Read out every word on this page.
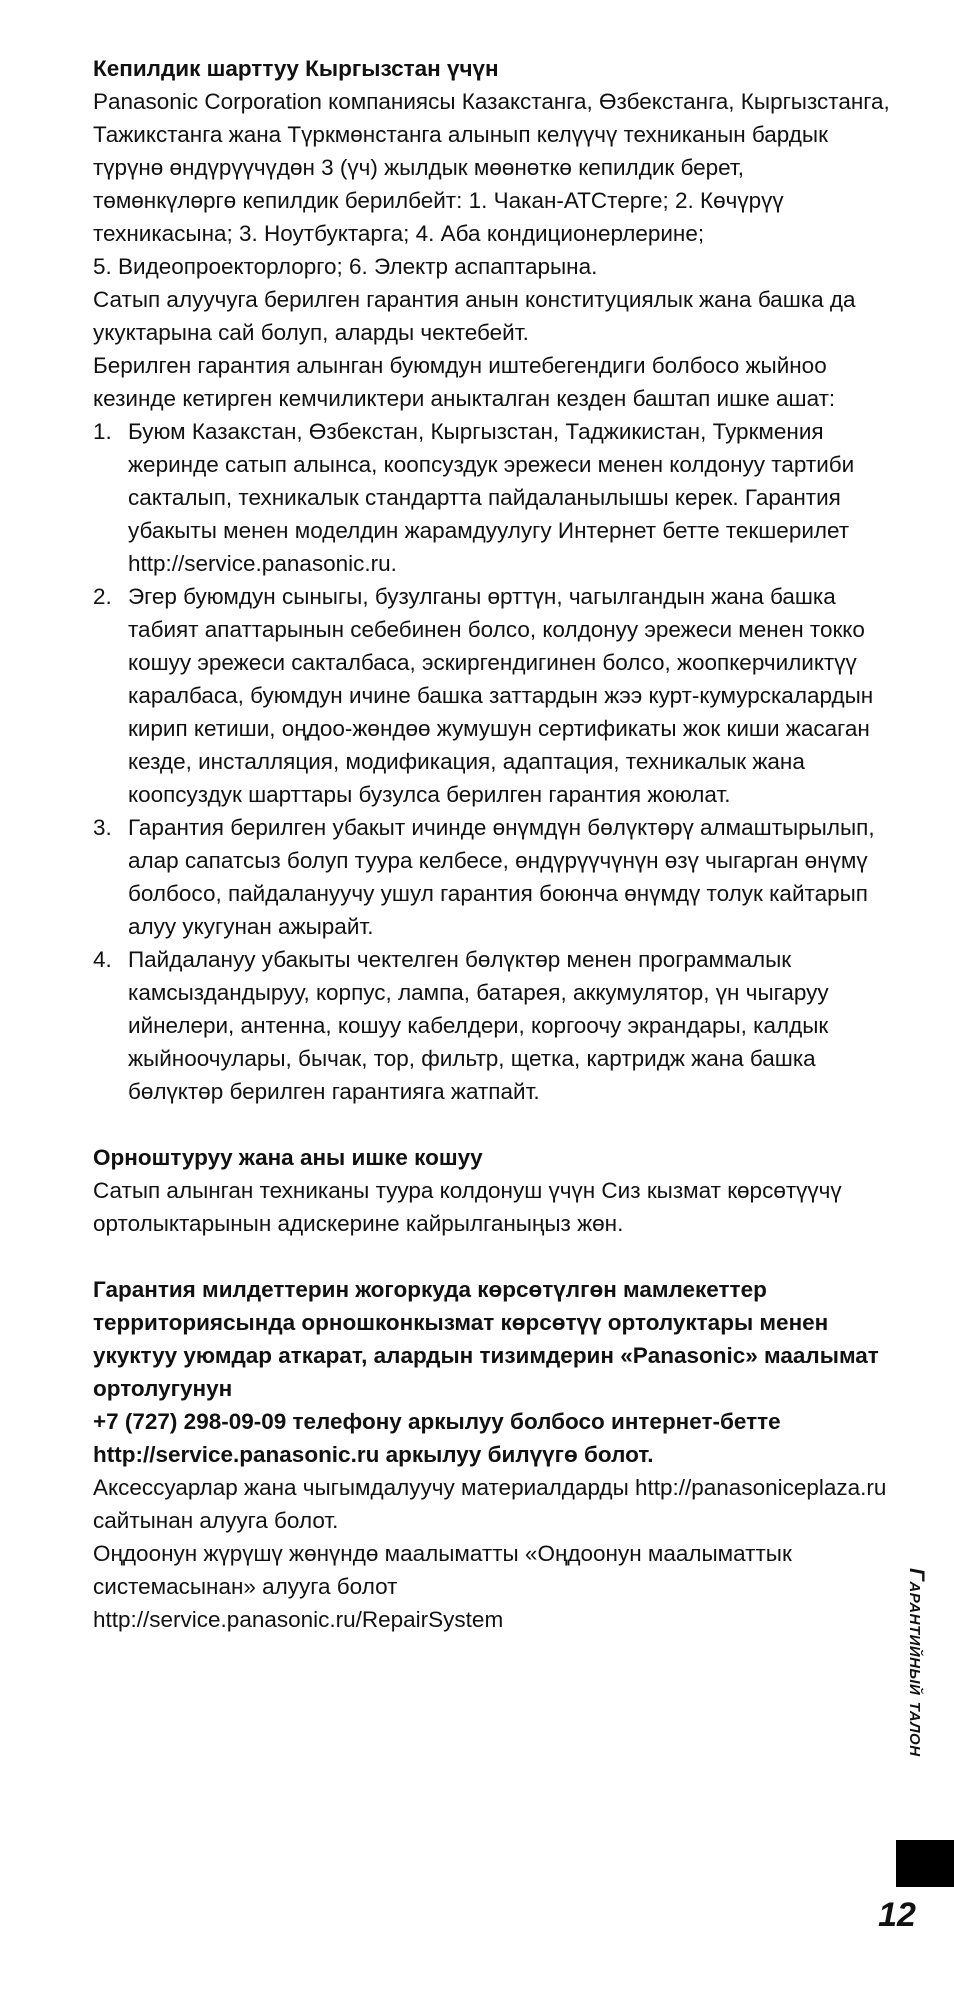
Кепилдик шарттуу Кыргызстан үчүн

Panasonic Corporation компаниясы Казакстанга, Өзбекстанга, Кыргызстанга, Тажикстанга жана Түркмөнстанга алынып келүүчү техниканын бардык түрүнө өндүрүүчүдөн 3 (үч) жылдык мөөнөтк​ө кепилдик берет, төмөнкүлөргө кепилдик берилбейт: 1. Чакан-АТСтерге; 2. Көчүрүү техникасына; 3. Ноутбуктарга; 4. Аба кондиционерлерине;

5. Видеопроекторлорго; 6. Электр аспаптарына.

Сатып алуучуга берилген гарантия анын конституциялык жана башка да укуктарына сай болуп, аларды чектебейт.

Берилген гарантия алынган буюмдун иштебегендиги болбосо жыйноо кезинде кетирген кемчиликтери аныкталган кезден баштап ишке ашат:

1. Буюм Казакстан, Өзбекстан, Кыргызстан, Таджикистан, Туркмения жеринде сатып алынса, коопсуздук эрежеси менен колдонуу тартиби сакталып, техникалык стандартта пайдаланылышы керек. Гарантия убакыты менен моделдин жарамдуулугу Интернет бетте текшерилет http://service.panasonic.ru.
2. Эгер буюмдун сыныгы, бузулганы өрттүн, чагылгандын жана башка табият апаттарынын себебинен болсо, колдонуу эрежеси менен токко кошуу эрежеси сакталбаса, эскиргендигинен болсо, жоопкерчиликтүү каралбаса, буюмдун ичине башка заттардын жээ курт-кумурскалардын кирип кетиши, оңдоо-жөндөө жумушун сертификаты жок киши жасаган кезде, инсталляция, модификация, адаптация, техникалык жана коопсуздук шарттары бузулса берилген гарантия жоюлат.
3. Гарантия берилген убакыт ичинде өнүмдүн бөлүктөрү алмаштырылып, алар сапатсыз болуп туура келбесе, өндүрүүчүнүн өзү чыгарган өнүмү болбосо, пайдалануучу ушул гарантия боюнча өнүмдү толук кайтарып алуу укугунан ажырайт.
4. Пайдалануу убакыты чектелген бөлүктөр менен программалык камсыздандыруу, корпус, лампа, батарея, аккумулятор, үн чыгаруу ийнелери, антенна, кошуу кабелдери, коргоочу экрандары, калдык жыйноочулары, бычак, тор, фильтр, щетка, картридж жана башка бөлүктөр берилген гарантияга жатпайт.

Орноштуруу жана аны ишке кошуу

Сатып алынган техниканы туура колдонуш үчүн Сиз кызмат көрсөтүүчү ортолыктарынын адискерине кайрылганыңыз жөн.

Гарантия милдеттерин жогоркуда көрсөтүлгөн мамлекеттер территориясында орношконкызмат көрсөтүү ортолуктары менен укуктуу уюмдар аткарат, алардын тизимдерин «Panasonic» маалымат ортолугунун

+7 (727) 298-09-09 телефону аркылуу болбосо интернет-бетте http://service.panasonic.ru аркылуу билүүгө болот.

Аксессуарлар жана чыгымдалуучу материалдарды http://panasoniceplaza.ru сайтынан алууга болот.

Оңдоонун жүрүшү жөнүндө маалыматты «Оңдоонун маалыматтык системасынан» алууга болот

http://service.panasonic.ru/RepairSystem	Гарантийный талон
12
